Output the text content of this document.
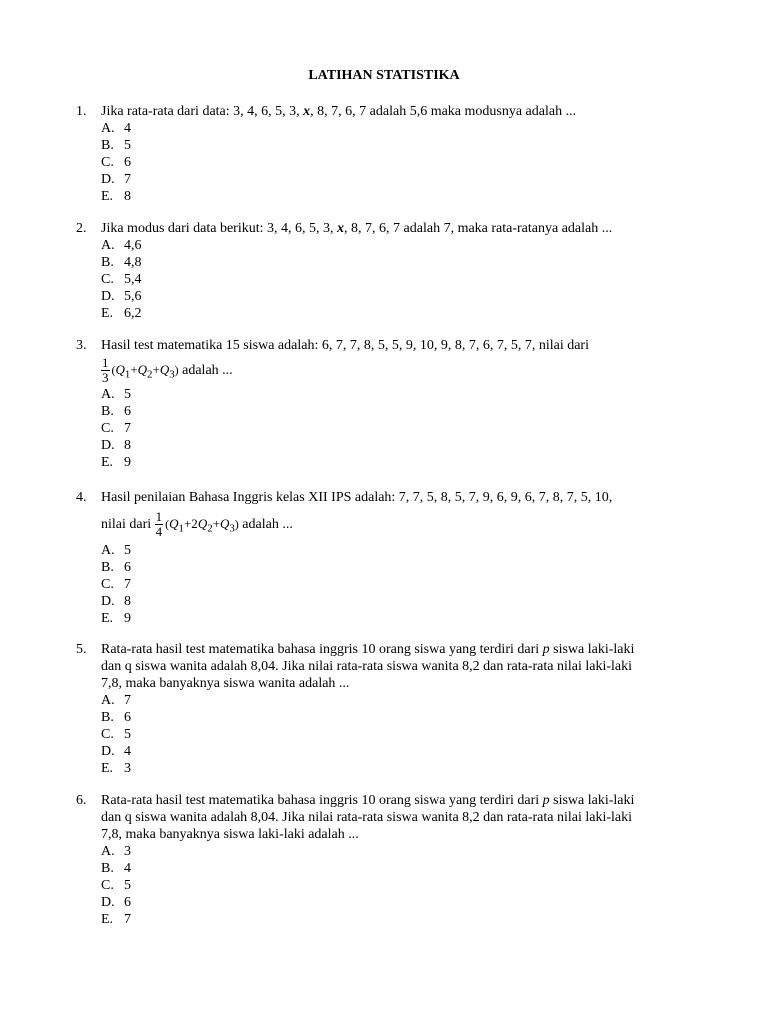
LATIHAN STATISTIKA
1. Jika rata-rata dari data: 3, 4, 6, 5, 3, x, 8, 7, 6, 7 adalah 5,6 maka modusnya adalah ...
A. 4
B. 5
C. 6
D. 7
E. 8
2. Jika modus dari data berikut: 3, 4, 6, 5, 3, x, 8, 7, 6, 7 adalah 7, maka rata-ratanya adalah ...
A. 4,6
B. 4,8
C. 5,4
D. 5,6
E. 6,2
3. Hasil test matematika 15 siswa adalah: 6, 7, 7, 8, 5, 5, 9, 10, 9, 8, 7, 6, 7, 5, 7, nilai dari
$\frac{1}{3} (Q_1+Q_2+Q_3)$ adalah ...
A. 5
B. 6
C. 7
D. 8
E. 9
4. Hasil penilaian Bahasa Inggris kelas XII IPS adalah: 7, 7, 5, 8, 5, 7, 9, 6, 9, 6, 7, 8, 7, 5, 10,
nilai dari $\frac{1}{4} (Q_1+2Q_2+Q_3)$ adalah ...
A. 5
B. 6
C. 7
D. 8
E. 9
5. Rata-rata hasil test matematika bahasa inggris 10 orang siswa yang terdiri dari p siswa laki-laki
dan q siswa wanita adalah 8,04. Jika nilai rata-rata siswa wanita 8,2 dan rata-rata nilai laki-laki
7,8, maka banyaknya siswa wanita adalah ...
A. 7
B. 6
C. 5
D. 4
E. 3
6. Rata-rata hasil test matematika bahasa inggris 10 orang siswa yang terdiri dari p siswa laki-laki
dan q siswa wanita adalah 8,04. Jika nilai rata-rata siswa wanita 8,2 dan rata-rata nilai laki-laki
7,8, maka banyaknya siswa laki-laki adalah ...
A. 3
B. 4
C. 5
D. 6
E. 7
